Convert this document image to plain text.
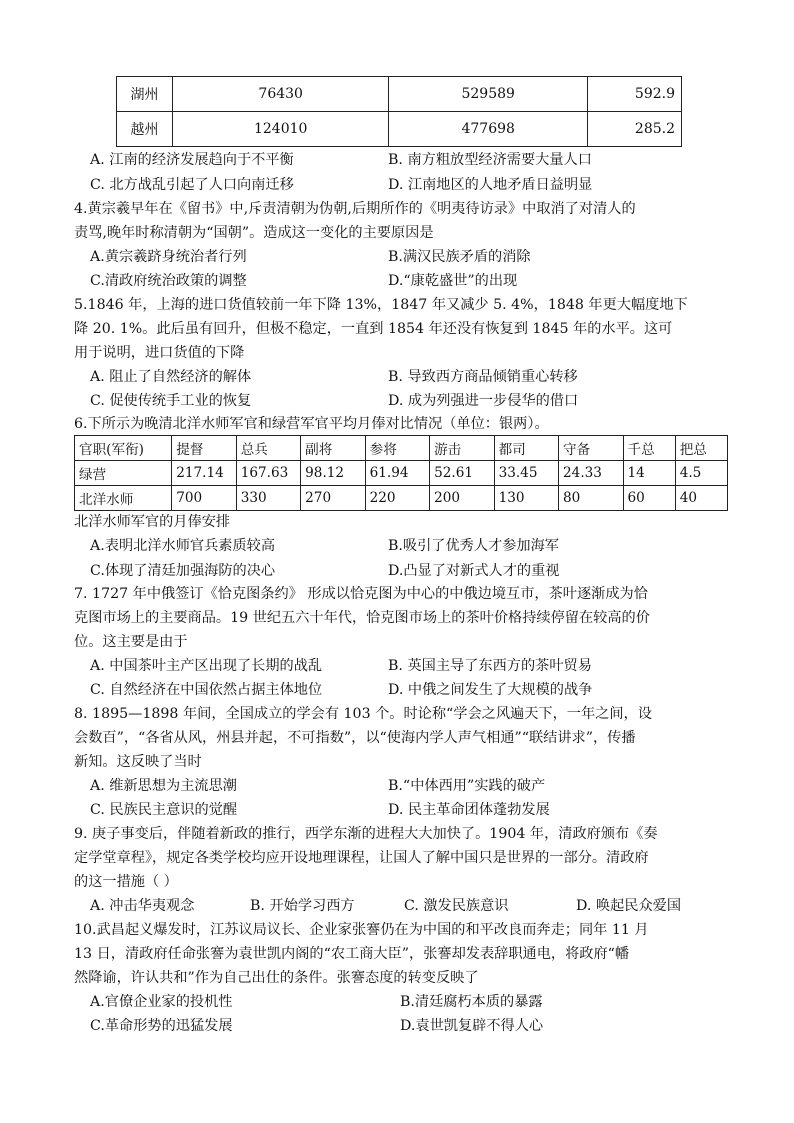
湖州	76430	529589	592.9
越州	124010	477698	285.2
A. 江南的经济发展趋向于不平衡	B. 南方粗放型经济需要大量人口
C. 北方战乱引起了人口向南迁移	D. 江南地区的人地矛盾日益明显
4.黄宗羲早年在《留书》中,斥责清朝为伪朝,后期所作的《明夷待访录》中取消了对清人的
责骂,晚年时称清朝为“国朝”。造成这一变化的主要原因是
A.黄宗羲跻身统治者行列	B.满汉民族矛盾的消除
C.清政府统治政策的调整	D.“康乾盛世”的出现
5.1846 年，上海的进口货值较前一年下降 13%，1847 年又减少 5. 4%，1848 年更大幅度地下
降 20. 1%。此后虽有回升，但极不稳定，一直到 1854 年还没有恢复到 1845 年的水平。这可
用于说明，进口货值的下降
A. 阻止了自然经济的解体	B. 导致西方商品倾销重心转移
C. 促使传统手工业的恢复	D. 成为列强进一步侵华的借口
6.下所示为晚清北洋水师军官和绿营军官平均月俸对比情况（单位：银两）。
官职(军衔)	提督	总兵	副将	参将	游击	都司	守备	千总	把总
绿营	217.14	167.63	98.12	61.94	52.61	33.45	24.33	14	4.5
北洋水师	700	330	270	220	200	130	80	60	40
北洋水师军官的月俸安排
A.表明北洋水师官兵素质较高	B.吸引了优秀人才参加海军
C.体现了清廷加强海防的决心	D.凸显了对新式人才的重视
7. 1727 年中俄签订《恰克图条约》 形成以恰克图为中心的中俄边境互市，茶叶逐渐成为恰
克图市场上的主要商品。19 世纪五六十年代，恰克图市场上的茶叶价格持续停留在较高的价
位。这主要是由于
A. 中国茶叶主产区出现了长期的战乱	B. 英国主导了东西方的茶叶贸易
C. 自然经济在中国依然占据主体地位	D. 中俄之间发生了大规模的战争
8. 1895—1898 年间，全国成立的学会有 103 个。时论称“学会之风遍天下，一年之间，设
会数百”，“各省从风，州县并起，不可指数”，以“使海内学人声气相通”“联结讲求”，传播
新知。这反映了当时
A. 维新思想为主流思潮	B.“中体西用”实践的破产
C. 民族民主意识的觉醒	D. 民主革命团体蓬勃发展
9. 庚子事变后，伴随着新政的推行，西学东渐的进程大大加快了。1904 年，清政府颁布《奏
定学堂章程》，规定各类学校均应开设地理课程，让国人了解中国只是世界的一部分。清政府
的这一措施（ ）
A. 冲击华夷观念	B. 开始学习西方	C. 激发民族意识	D. 唤起民众爱国
10.武昌起义爆发时，江苏议局议长、企业家张謇仍在为中国的和平改良而奔走；同年 11 月
13 日，清政府任命张謇为袁世凯内阁的“农工商大臣”，张謇却发表辞职通电，将政府“幡
然降谕，许认共和”作为自己出仕的条件。张謇态度的转变反映了
A.官僚企业家的投机性	B.清廷腐朽本质的暴露
C.革命形势的迅猛发展	D.袁世凯复辟不得人心
